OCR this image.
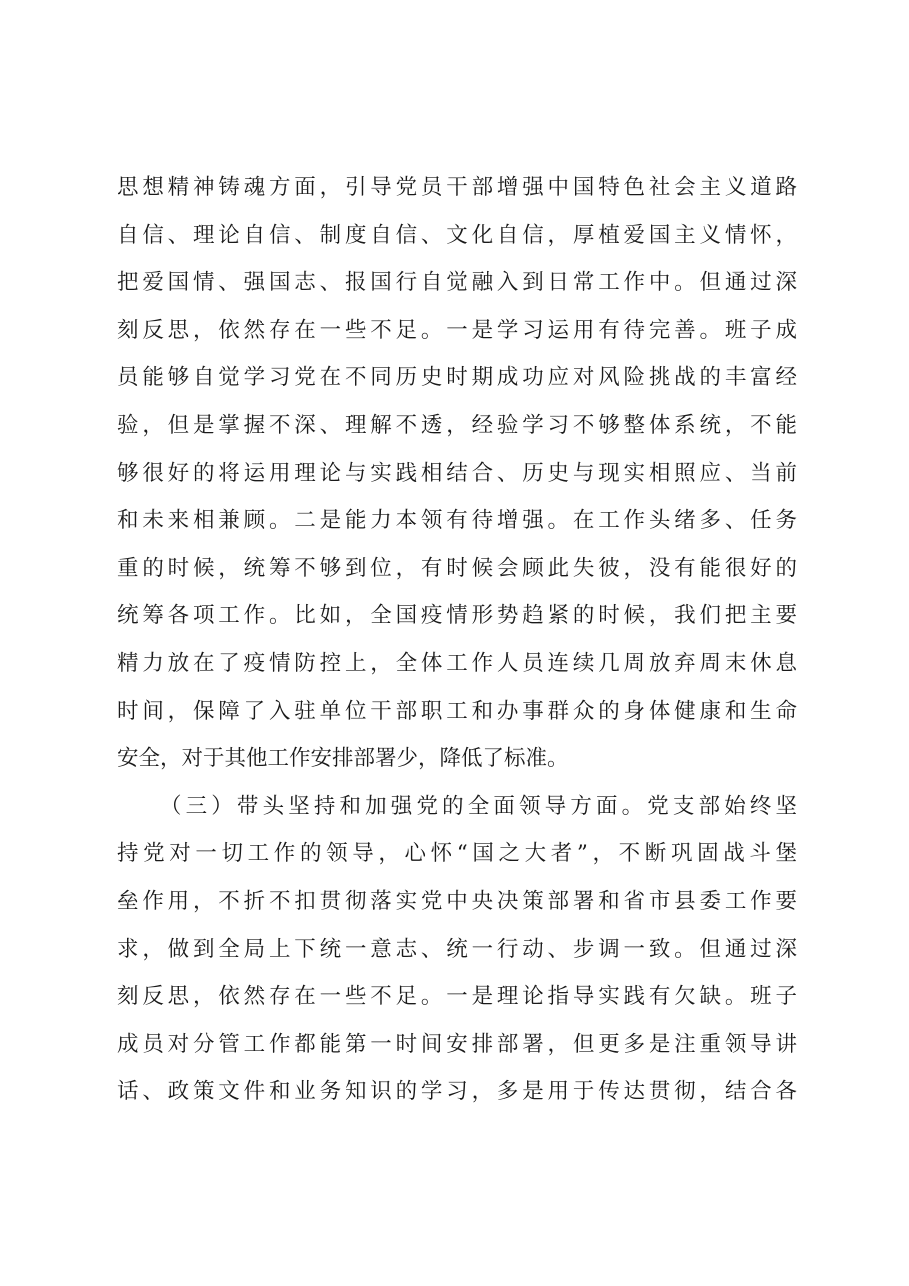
思想精神铸魂方面，引导党员干部增强中国特色社会主义道路
自信、理论自信、制度自信、文化自信，厚植爱国主义情怀，
把爱国情、强国志、报国行自觉融入到日常工作中。但通过深
刻反思，依然存在一些不足。一是学习运用有待完善。班子成
员能够自觉学习党在不同历史时期成功应对风险挑战的丰富经
验，但是掌握不深、理解不透，经验学习不够整体系统，不能
够很好的将运用理论与实践相结合、历史与现实相照应、当前
和未来相兼顾。二是能力本领有待增强。在工作头绪多、任务
重的时候，统筹不够到位，有时候会顾此失彼，没有能很好的
统筹各项工作。比如，全国疫情形势趋紧的时候，我们把主要
精力放在了疫情防控上，全体工作人员连续几周放弃周末休息
时间，保障了入驻单位干部职工和办事群众的身体健康和生命
安全，对于其他工作安排部署少，降低了标准。
（三）带头坚持和加强党的全面领导方面。党支部始终坚
持党对一切工作的领导，心怀“国之大者”，不断巩固战斗堡
垒作用，不折不扣贯彻落实党中央决策部署和省市县委工作要
求，做到全局上下统一意志、统一行动、步调一致。但通过深
刻反思，依然存在一些不足。一是理论指导实践有欠缺。班子
成员对分管工作都能第一时间安排部署，但更多是注重领导讲
话、政策文件和业务知识的学习，多是用于传达贯彻，结合各
